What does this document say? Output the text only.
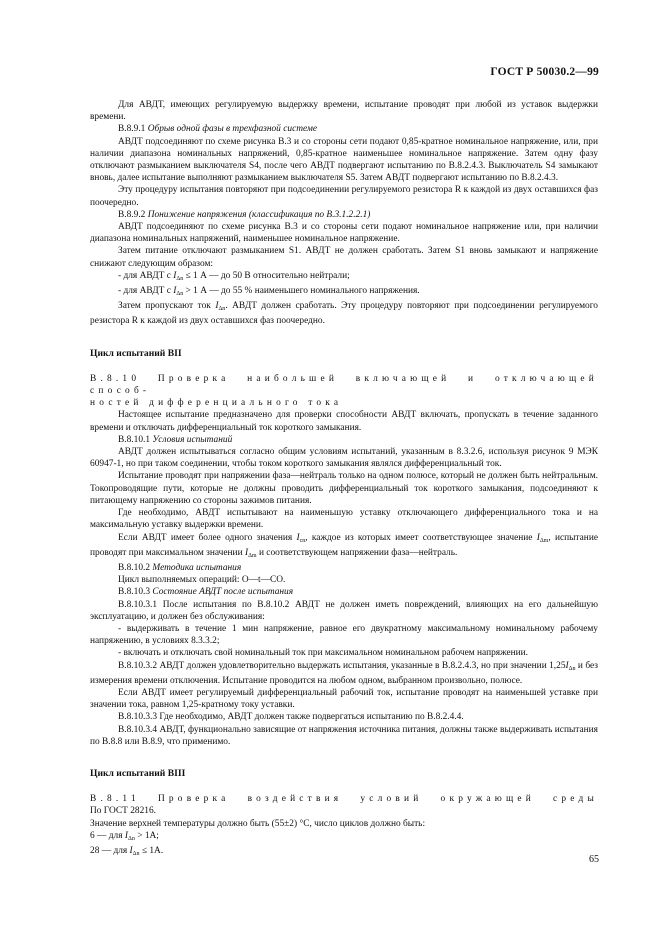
ГОСТ Р 50030.2—99

Для АВДТ, имеющих регулируемую выдержку времени, испытание проводят при любой из уставок выдержки времени.

В.8.9.1 Обрыв одной фазы в трехфазной системе

АВДТ подсоединяют по схеме рисунка В.3 и со стороны сети подают 0,85-кратное номинальное напряжение, или, при наличии диапазона номинальных напряжений, 0,85-кратное наименьшее номинальное напряжение. Затем одну фазу отключают размыканием выключателя S4, после чего АВДТ подвергают испытанию по В.8.2.4.3. Выключатель S4 замыкают вновь, далее испытание выполняют размыканием выключателя S5. Затем АВДТ подвергают испытанию по В.8.2.4.3.

Эту процедуру испытания повторяют при подсоединении регулируемого резистора R к каждой из двух оставшихся фаз поочередно.

В.8.9.2 Понижение напряжения (классификация по В.3.1.2.2.1)

АВДТ подсоединяют по схеме рисунка В.3 и со стороны сети подают номинальное напряжение или, при наличии диапазона номинальных напряжений, наименьшее номинальное напряжение.

Затем питание отключают размыканием S1. АВДТ не должен сработать. Затем S1 вновь замыкают и напряжение снижают следующим образом:

- для АВДТ с $I_{\Delta n} \le 1$ А — до 50 В относительно нейтрали;

- для АВДТ с $I_{\Delta n} > 1$ А — до 55 % наименьшего номинального напряжения.

Затем пропускают ток $I_{\Delta n}$. АВДТ должен сработать. Эту процедуру повторяют при подсоединении регулируемого резистора R к каждой из двух оставшихся фаз поочередно.

Цикл испытаний ВII

В.8.10 Проверка наибольшей включающей и отключающей способ-

ностей дифференциального тока

Настоящее испытание предназначено для проверки способности АВДТ включать, пропускать в течение заданного времени и отключать дифференциальный ток короткого замыкания.

В.8.10.1 Условия испытаний

АВДТ должен испытываться согласно общим условиям испытаний, указанным в 8.3.2.6, используя рисунок 9 МЭК 60947-1, но при таком соединении, чтобы током короткого замыкания являлся дифференциальный ток.

Испытание проводят при напряжении фаза—нейтраль только на одном полюсе, который не должен быть нейтральным. Токопроводящие пути, которые не должны проводить дифференциальный ток короткого замыкания, подсоединяют к питающему напряжению со стороны зажимов питания.

Где необходимо, АВДТ испытывают на наименьшую уставку отключающего дифференциального тока и на максимальную уставку выдержки времени.

Если АВДТ имеет более одного значения $I_{cn}$, каждое из которых имеет соответствующее значение $I_{\Delta m}$, испытание проводят при максимальном значении $I_{\Delta m}$ и соответствующем напряжении фаза—нейтраль.

В.8.10.2 Методика испытания

Цикл выполняемых операций: О—t—СО.

В.8.10.3 Состояние АВДТ после испытания

В.8.10.3.1 После испытания по В.8.10.2 АВДТ не должен иметь повреждений, влияющих на его дальнейшую эксплуатацию, и должен без обслуживания:

- выдерживать в течение 1 мин напряжение, равное его двукратному максимальному номинальному рабочему напряжению, в условиях 8.3.3.2;

- включать и отключать свой номинальный ток при максимальном номинальном рабочем напряжении.

В.8.10.3.2 АВДТ должен удовлетворительно выдержать испытания, указанные в В.8.2.4.3, но при значении $1,25I_{\Delta n}$ и без измерения времени отключения. Испытание проводится на любом одном, выбранном произвольно, полюсе.

Если АВДТ имеет регулируемый дифференциальный рабочий ток, испытание проводят на наименьшей уставке при значении тока, равном 1,25-кратному току уставки.

В.8.10.3.3 Где необходимо, АВДТ должен также подвергаться испытанию по В.8.2.4.4.

В.8.10.3.4 АВДТ, функционально зависящие от напряжения источника питания, должны также выдерживать испытания по В.8.8 или В.8.9, что применимо.

Цикл испытаний ВIII

В.8.11 Проверка воздействия условий окружающей среды

По ГОСТ 28216.

Значение верхней температуры должно быть (55±2) °С, число циклов должно быть:

6 — для $I_{\Delta n} > 1А$;

28 — для $I_{\Delta n} \le 1А$.

65
